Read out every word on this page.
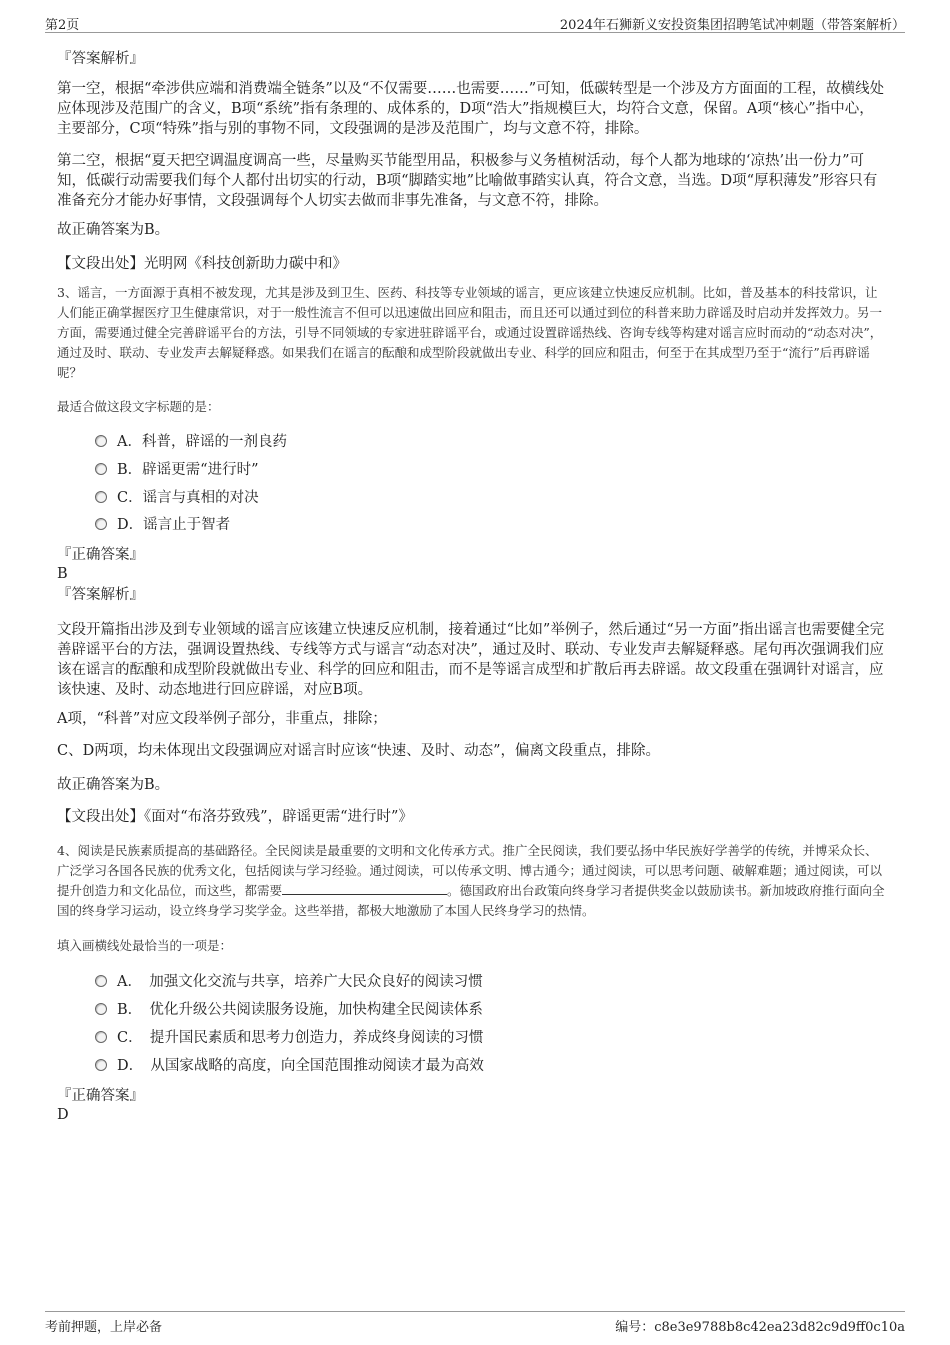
第2页	2024年石狮新义安投资集团招聘笔试冲刺题（带答案解析）

『答案解析』

第一空，根据“牵涉供应端和消费端全链条”以及“不仅需要……也需要……”可知，低碳转型是一个涉及方方面面的工程，故横线处应体现涉及范围广的含义，B项“系统”指有条理的、成体系的，D项“浩大”指规模巨大，均符合文意，保留。A项“核心”指中心，主要部分，C项“特殊”指与别的事物不同，文段强调的是涉及范围广，均与文意不符，排除。

第二空，根据“夏天把空调温度调高一些，尽量购买节能型用品，积极参与义务植树活动，每个人都为地球的‘凉热’出一份力”可知，低碳行动需要我们每个人都付出切实的行动，B项“脚踏实地”比喻做事踏实认真，符合文意，当选。D项“厚积薄发”形容只有准备充分才能办好事情，文段强调每个人切实去做而非事先准备，与文意不符，排除。

故正确答案为B。

【文段出处】光明网《科技创新助力碳中和》

3、谣言，一方面源于真相不被发现，尤其是涉及到卫生、医药、科技等专业领域的谣言，更应该建立快速反应机制。比如，普及基本的科技常识，让人们能正确掌握医疗卫生健康常识，对于一般性流言不但可以迅速做出回应和阻击，而且还可以通过到位的科普来助力辟谣及时启动并发挥效力。另一方面，需要通过健全完善辟谣平台的方法，引导不同领域的专家进驻辟谣平台，或通过设置辟谣热线、咨询专线等构建对谣言应时而动的“动态对决”，通过及时、联动、专业发声去解疑释惑。如果我们在谣言的酝酿和成型阶段就做出专业、科学的回应和阻击，何至于在其成型乃至于“流行”后再辟谣呢？

最适合做这段文字标题的是：

A．科普，辟谣的一剂良药
B．辟谣更需“进行时”
C．谣言与真相的对决
D．谣言止于智者

『正确答案』

B

『答案解析』

文段开篇指出涉及到专业领域的谣言应该建立快速反应机制，接着通过“比如”举例子，然后通过“另一方面”指出谣言也需要健全完善辟谣平台的方法，强调设置热线、专线等方式与谣言“动态对决”，通过及时、联动、专业发声去解疑释惑。尾句再次强调我们应该在谣言的酝酿和成型阶段就做出专业、科学的回应和阻击，而不是等谣言成型和扩散后再去辟谣。故文段重在强调针对谣言，应该快速、及时、动态地进行回应辟谣，对应B项。

A项，“科普”对应文段举例子部分，非重点，排除；

C、D两项，均未体现出文段强调应对谣言时应该“快速、及时、动态”，偏离文段重点，排除。

故正确答案为B。

【文段出处】《面对“布洛芬致残”，辟谣更需“进行时”》

4、阅读是民族素质提高的基础路径。全民阅读是最重要的文明和文化传承方式。推广全民阅读，我们要弘扬中华民族好学善学的传统，并博采众长、广泛学习各国各民族的优秀文化，包括阅读与学习经验。通过阅读，可以传承文明、博古通今；通过阅读，可以思考问题、破解难题；通过阅读，可以提升创造力和文化品位，而这些，都需要	。德国政府出台政策向终身学习者提供奖金以鼓励读书。新加坡政府推行面向全国的终身学习运动，设立终身学习奖学金。这些举措，都极大地激励了本国人民终身学习的热情。

填入画横线处最恰当的一项是：

A．　加强文化交流与共享，培养广大民众良好的阅读习惯
B．　优化升级公共阅读服务设施，加快构建全民阅读体系
C．　提升国民素质和思考力创造力，养成终身阅读的习惯
D．　从国家战略的高度，向全国范围推动阅读才最为高效

『正确答案』

D

考前押题，上岸必备	编号：c8e3e9788b8c42ea23d82c9d9ff0c10a
